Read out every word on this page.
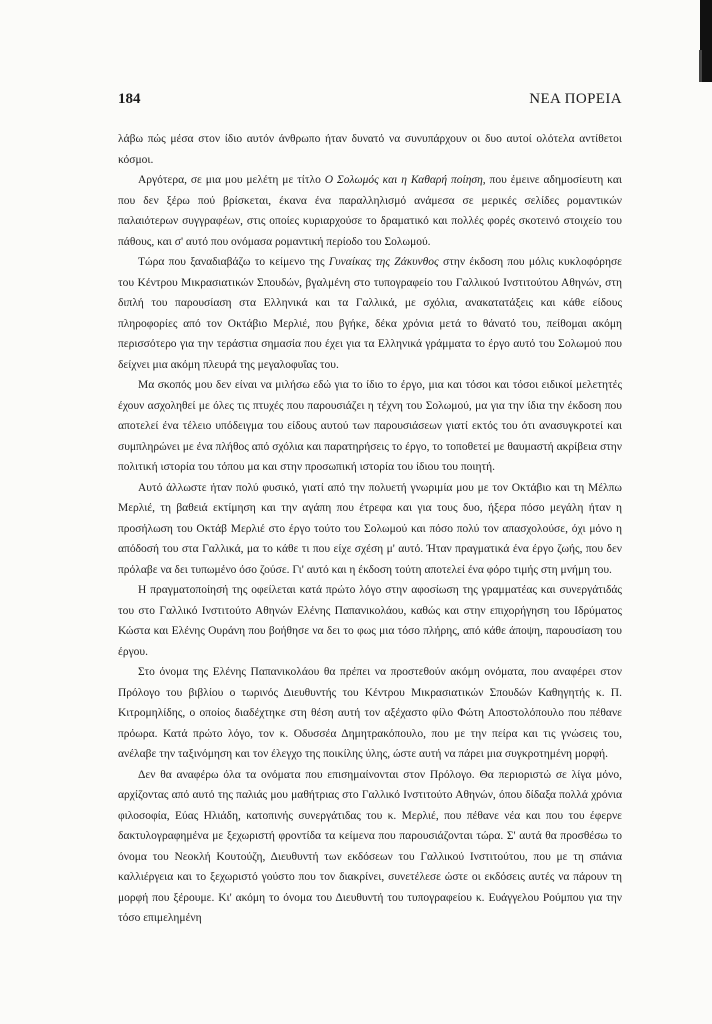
184	ΝΕΑ ΠΟΡΕΙΑ

λάβω πώς μέσα στον ίδιο αυτόν άνθρωπο ήταν δυνατό να συνυπάρχουν οι δυο αυτοί ολότελα αντίθετοι κόσμοι.

Αργότερα, σε μια μου μελέτη με τίτλο Ο Σολωμός και η Καθαρή ποίηση, που έμεινε αδημοσίευτη και που δεν ξέρω πού βρίσκεται, έκανα ένα παραλληλισμό ανάμεσα σε μερικές σελίδες ρομαντικών παλαιότερων συγγραφέων, στις οποίες κυριαρχούσε το δραματικό και πολλές φορές σκοτεινό στοιχείο του πάθους, και σ' αυτό που ονόμασα ρομαντική περίοδο του Σολωμού.

Τώρα που ξαναδιαβάζω το κείμενο της Γυναίκας της Ζάκυνθος στην έκδοση που μόλις κυκλοφόρησε του Κέντρου Μικρασιατικών Σπουδών, βγαλμένη στο τυπογραφείο του Γαλλικού Ινστιτούτου Αθηνών, στη διπλή του παρουσίαση στα Ελληνικά και τα Γαλλικά, με σχόλια, ανακατατάξεις και κάθε είδους πληροφορίες από τον Οκτάβιο Μερλιέ, που βγήκε, δέκα χρόνια μετά το θάνατό του, πείθομαι ακόμη περισσότερο για την τεράστια σημασία που έχει για τα Ελληνικά γράμματα το έργο αυτό του Σολωμού που δείχνει μια ακόμη πλευρά της μεγαλοφυΐας του.

Μα σκοπός μου δεν είναι να μιλήσω εδώ για το ίδιο το έργο, μια και τόσοι και τόσοι ειδικοί μελετητές έχουν ασχοληθεί με όλες τις πτυχές που παρουσιάζει η τέχνη του Σολωμού, μα για την ίδια την έκδοση που αποτελεί ένα τέλειο υπόδειγμα του είδους αυτού των παρουσιάσεων γιατί εκτός του ότι ανασυγκροτεί και συμπληρώνει με ένα πλήθος από σχόλια και παρατηρήσεις το έργο, το τοποθετεί με θαυμαστή ακρίβεια στην πολιτική ιστορία του τόπου μα και στην προσωπική ιστορία του ίδιου του ποιητή.

Αυτό άλλωστε ήταν πολύ φυσικό, γιατί από την πολυετή γνωριμία μου με τον Οκτάβιο και τη Μέλπω Μερλιέ, τη βαθειά εκτίμηση και την αγάπη που έτρεφα και για τους δυο, ήξερα πόσο μεγάλη ήταν η προσήλωση του Οκτάβ Μερλιέ στο έργο τούτο του Σολωμού και πόσο πολύ τον απασχολούσε, όχι μόνο η απόδοσή του στα Γαλλικά, μα το κάθε τι που είχε σχέση μ' αυτό. Ήταν πραγματικά ένα έργο ζωής, που δεν πρόλαβε να δει τυπωμένο όσο ζούσε. Γι' αυτό και η έκδοση τούτη αποτελεί ένα φόρο τιμής στη μνήμη του.

Η πραγματοποίησή της οφείλεται κατά πρώτο λόγο στην αφοσίωση της γραμματέας και συνεργάτιδάς του στο Γαλλικό Ινστιτούτο Αθηνών Ελένης Παπανικολάου, καθώς και στην επιχορήγηση του Ιδρύματος Κώστα και Ελένης Ουράνη που βοήθησε να δει το φως μια τόσο πλήρης, από κάθε άποψη, παρουσίαση του έργου.

Στο όνομα της Ελένης Παπανικολάου θα πρέπει να προστεθούν ακόμη ονόματα, που αναφέρει στον Πρόλογο του βιβλίου ο τωρινός Διευθυντής του Κέντρου Μικρασιατικών Σπουδών Καθηγητής κ. Π. Κιτρομηλίδης, ο οποίος διαδέχτηκε στη θέση αυτή τον αξέχαστο φίλο Φώτη Αποστολόπουλο που πέθανε πρόωρα. Κατά πρώτο λόγο, τον κ. Οδυσσέα Δημητρακόπουλο, που με την πείρα και τις γνώσεις του, ανέλαβε την ταξινόμηση και τον έλεγχο της ποικίλης ύλης, ώστε αυτή να πάρει μια συγκροτημένη μορφή.

Δεν θα αναφέρω όλα τα ονόματα που επισημαίνονται στον Πρόλογο. Θα περιοριστώ σε λίγα μόνο, αρχίζοντας από αυτό της παλιάς μου μαθήτριας στο Γαλλικό Ινστιτούτο Αθηνών, όπου δίδαξα πολλά χρόνια φιλοσοφία, Εύας Ηλιάδη, κατοπινής συνεργάτιδας του κ. Μερλιέ, που πέθανε νέα και που του έφερνε δακτυλογραφημένα με ξεχωριστή φροντίδα τα κείμενα που παρουσιάζονται τώρα. Σ' αυτά θα προσθέσω το όνομα του Νεοκλή Κουτούζη, Διευθυντή των εκδόσεων του Γαλλικού Ινστιτούτου, που με τη σπάνια καλλιέργεια και το ξεχωριστό γούστο που τον διακρίνει, συνετέλεσε ώστε οι εκδόσεις αυτές να πάρουν τη μορφή που ξέρουμε. Κι' ακόμη το όνομα του Διευθυντή του τυπογραφείου κ. Ευάγγελου Ρούμπου για την τόσο επιμελημένη
